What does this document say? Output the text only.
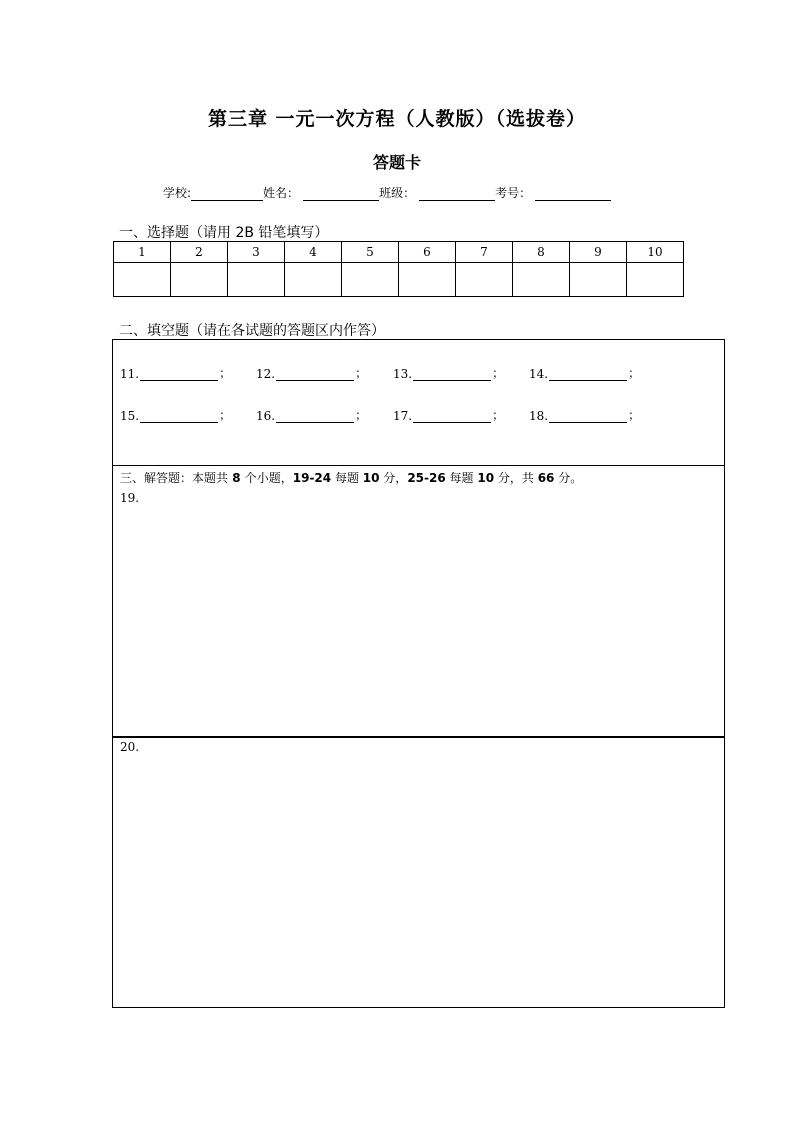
第三章 一元一次方程（人教版）（选拔卷）
答题卡
学校:	姓名：	班级：	考号：
一、选择题（请用 2B 铅笔填写）
1	2	3	4	5	6	7	8	9	10

二、填空题（请在各试题的答题区内作答）
11.	； 12.	； 13.	； 14.	；
15.	； 16.	； 17.	； 18.	；
三、解答题：本题共 8 个小题，19-24 每题 10 分，25-26 每题 10 分，共 66 分。
19.
20.
